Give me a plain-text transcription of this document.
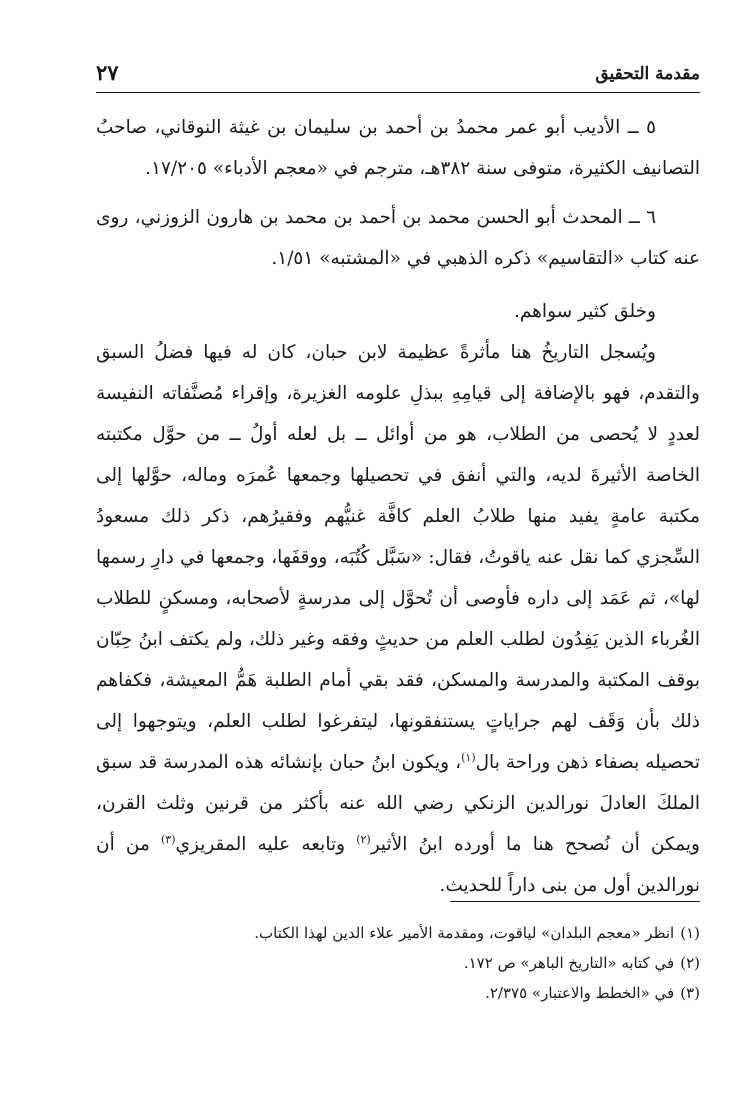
مقدمة التحقيق
٢٧

٥ ــ الأديب أبو عمر محمدُ بن أحمد بن سليمان بن غيثة النوقاني، صاحبُ التصانيف الكثيرة، متوفى سنة ٣٨٢هـ، مترجم في «معجم الأدباء» ١٧/٢٠٥.

٦ ــ المحدث أبو الحسن محمد بن أحمد بن محمد بن هارون الزوزني، روى عنه كتاب «التقاسيم» ذكره الذهبي في «المشتبه» ١/٥١.

وخلق كثير سواهم.

ويُسجل التاريخُ هنا مأثرةً عظيمة لابن حبان، كان له فيها فضلُ السبق والتقدم، فهو بالإضافة إلى قيامِهِ ببذلِ علومه الغزيرة، وإقراء مُصنَّفاته النفيسة لعددٍ لا يُحصى من الطلاب، هو من أوائل ــ بل لعله أولُ ــ من حوَّل مكتبته الخاصة الأثيرةَ لديه، والتي أنفق في تحصيلها وجمعها عُمرَه وماله، حوَّلها إلى مكتبة عامةٍ يفيد منها طلابُ العلم كافَّة غنيُّهم وفقيرُهم، ذكر ذلك مسعودُ السِّجزي كما نقل عنه ياقوتُ، فقال: «سَبَّل كُتُبَه، ووقفَها، وجمعها في دارِ رسمها لها»، ثم عَمَد إلى داره فأوصى أن تُحوَّل إلى مدرسةٍ لأصحابه، ومسكنٍ للطلاب الغُرباء الذين يَفِدُون لطلب العلم من حديثٍ وفقه وغير ذلك، ولم يكتف ابنُ حِبّان بوقف المكتبة والمدرسة والمسكن، فقد بقي أمام الطلبة هَمُّ المعيشة، فكفاهم ذلك بأن وَقَف لهم جراياتٍ يستنفقونها، ليتفرغوا لطلب العلم، ويتوجهوا إلى تحصيله بصفاء ذهن وراحة بال$^{(١)}$، ويكون ابنُ حبان بإنشائه هذه المدرسة قد سبق الملكَ العادلَ نورالدين الزنكي رضي الله عنه بأكثر من قرنين وثلث القرن، ويمكن أن نُصحح هنا ما أورده ابنُ الأثير$^{(٢)}$ وتابعه عليه المقريزي$^{(٣)}$ من أن نورالدين أول من بنى داراً للحديث.

(١)انظر «معجم البلدان» لياقوت، ومقدمة الأمير علاء الدين لهذا الكتاب.

(٢)في كتابه «التاريخ الباهر» ص ١٧٢.

(٣)في «الخطط والاعتبار» ٢/٣٧٥.
